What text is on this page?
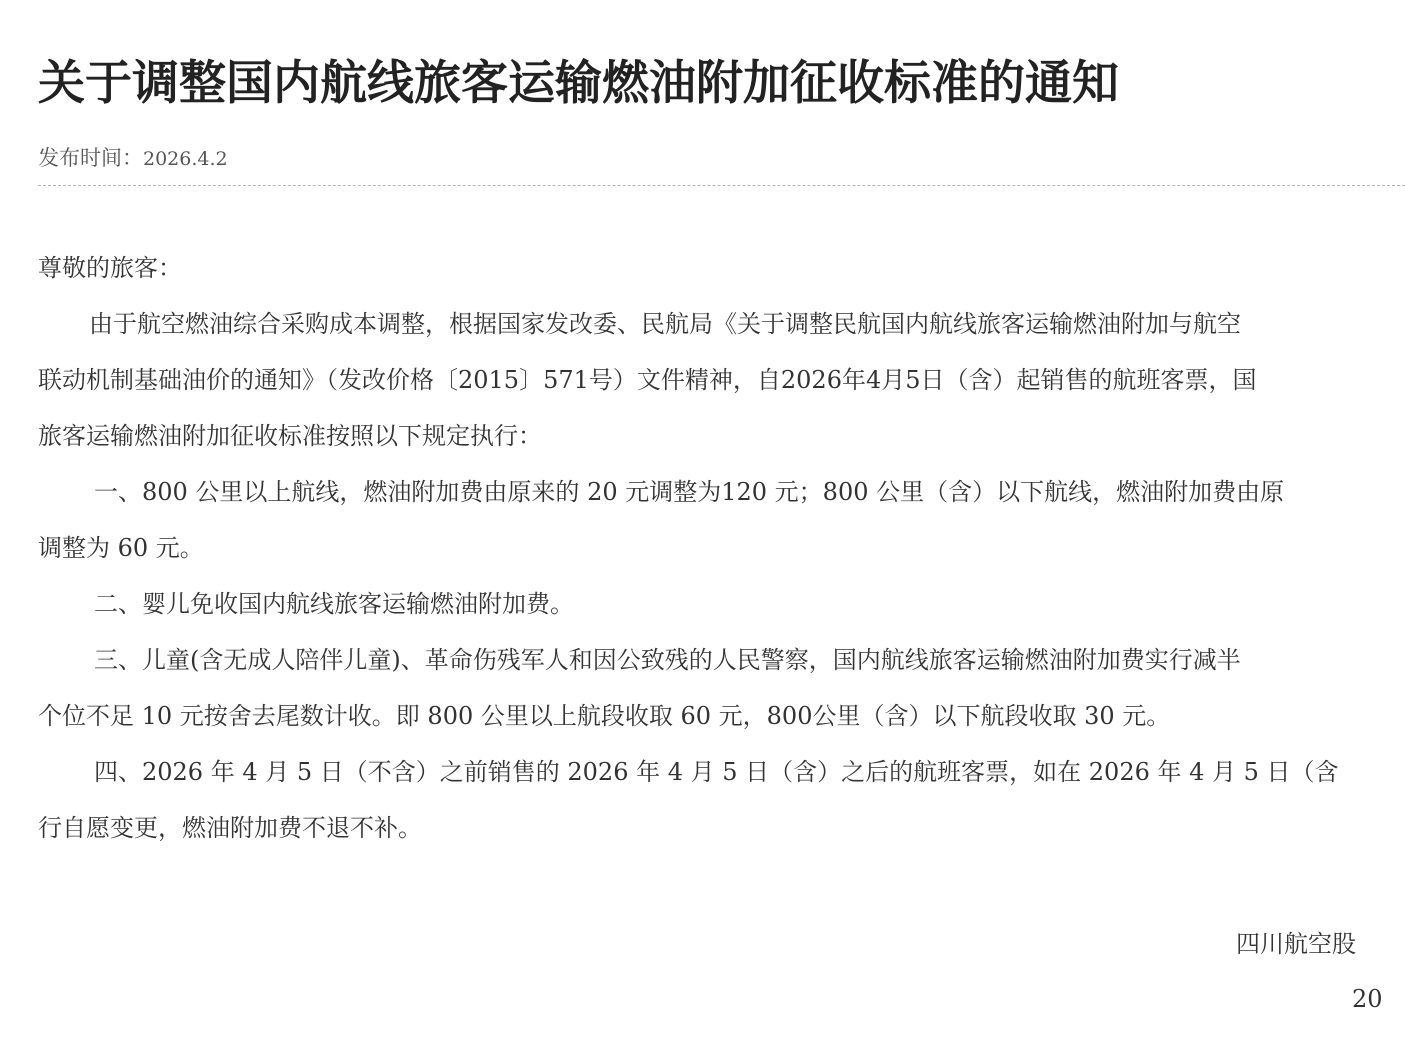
关于调整国内航线旅客运输燃油附加征收标准的通知
发布时间：2026.4.2
尊敬的旅客：
由于航空燃油综合采购成本调整，根据国家发改委、民航局《关于调整民航国内航线旅客运输燃油附加与航空
联动机制基础油价的通知》（发改价格〔2015〕571号）文件精神，自2026年4月5日（含）起销售的航班客票，国
旅客运输燃油附加征收标准按照以下规定执行：
一、800 公里以上航线，燃油附加费由原来的 20 元调整为120 元；800 公里（含）以下航线，燃油附加费由原
调整为 60 元。
二、婴儿免收国内航线旅客运输燃油附加费。
三、儿童(含无成人陪伴儿童)、革命伤残军人和因公致残的人民警察，国内航线旅客运输燃油附加费实行减半
个位不足 10 元按舍去尾数计收。即 800 公里以上航段收取 60 元，800公里（含）以下航段收取 30 元。
四、2026 年 4 月 5 日（不含）之前销售的 2026 年 4 月 5 日（含）之后的航班客票，如在 2026 年 4 月 5 日（含
行自愿变更，燃油附加费不退不补。
四川航空股
20
